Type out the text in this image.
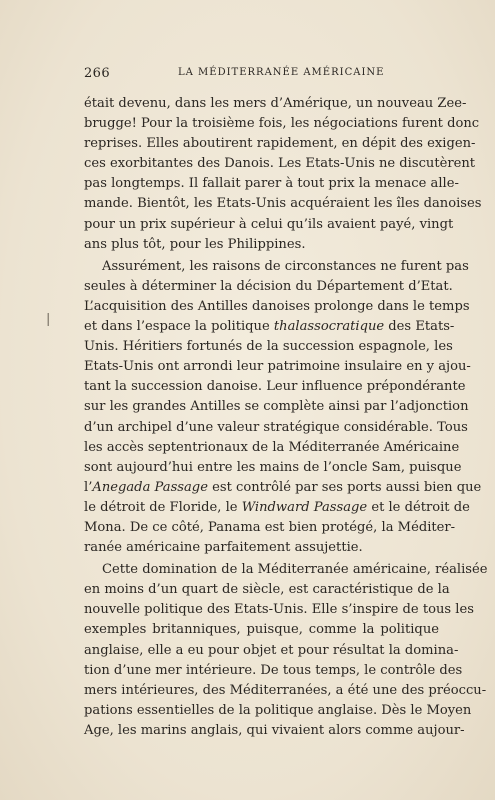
266	LA MÉDITERRANÉE AMÉRICAINE
|
était devenu, dans les mers d’Amérique, un nouveau Zee-
brugge! Pour la troisième fois, les négociations furent donc
reprises. Elles aboutirent rapidement, en dépit des exigen-
ces exorbitantes des Danois. Les Etats-Unis ne discutèrent
pas longtemps. Il fallait parer à tout prix la menace alle-
mande. Bientôt, les Etats-Unis acquéraient les îles danoises
pour un prix supérieur à celui qu’ils avaient payé, vingt
ans plus tôt, pour les Philippines.
Assurément, les raisons de circonstances ne furent pas
seules à déterminer la décision du Département d’Etat.
L’acquisition des Antilles danoises prolonge dans le temps
et dans l’espace la politique thalassocratique des Etats-
Unis. Héritiers fortunés de la succession espagnole, les
Etats-Unis ont arrondi leur patrimoine insulaire en y ajou-
tant la succession danoise. Leur influence prépondérante
sur les grandes Antilles se complète ainsi par l’adjonction
d’un archipel d’une valeur stratégique considérable. Tous
les accès septentrionaux de la Méditerranée Américaine
sont aujourd’hui entre les mains de l’oncle Sam, puisque
l’Anegada Passage est contrôlé par ses ports aussi bien que
le détroit de Floride, le Windward Passage et le détroit de
Mona. De ce côté, Panama est bien protégé, la Méditer-
ranée américaine parfaitement assujettie.
Cette domination de la Méditerranée américaine, réalisée
en moins d’un quart de siècle, est caractéristique de la
nouvelle politique des Etats-Unis. Elle s’inspire de tous les
exemples britanniques, puisque, comme la politique
anglaise, elle a eu pour objet et pour résultat la domina-
tion d’une mer intérieure. De tous temps, le contrôle des
mers intérieures, des Méditerranées, a été une des préoccu-
pations essentielles de la politique anglaise. Dès le Moyen
Age, les marins anglais, qui vivaient alors comme aujour-
